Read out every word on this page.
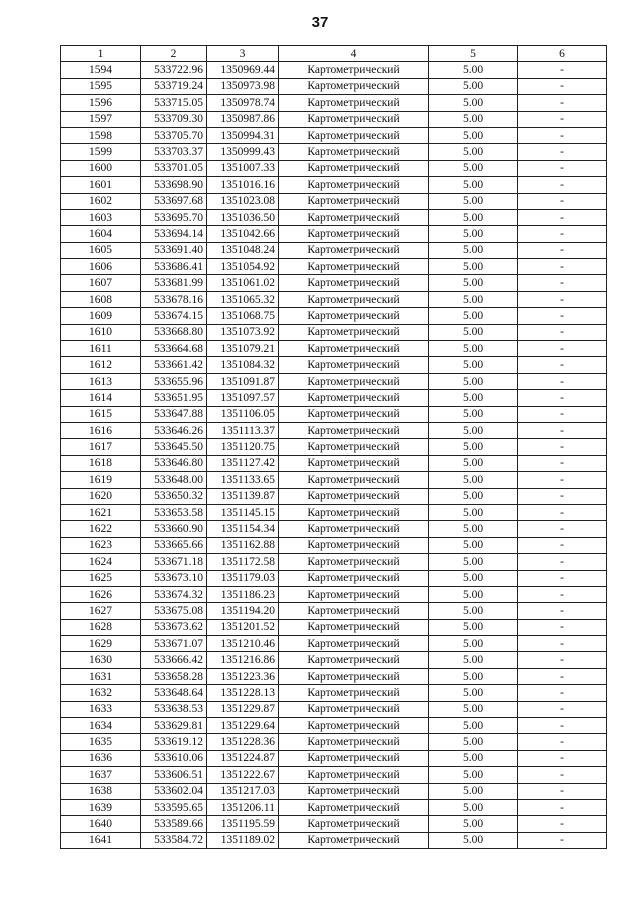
37
1	2	3	4	5	6
1594	533722.96	1350969.44	Картометрический	5.00	-
1595	533719.24	1350973.98	Картометрический	5.00	-
1596	533715.05	1350978.74	Картометрический	5.00	-
1597	533709.30	1350987.86	Картометрический	5.00	-
1598	533705.70	1350994.31	Картометрический	5.00	-
1599	533703.37	1350999.43	Картометрический	5.00	-
1600	533701.05	1351007.33	Картометрический	5.00	-
1601	533698.90	1351016.16	Картометрический	5.00	-
1602	533697.68	1351023.08	Картометрический	5.00	-
1603	533695.70	1351036.50	Картометрический	5.00	-
1604	533694.14	1351042.66	Картометрический	5.00	-
1605	533691.40	1351048.24	Картометрический	5.00	-
1606	533686.41	1351054.92	Картометрический	5.00	-
1607	533681.99	1351061.02	Картометрический	5.00	-
1608	533678.16	1351065.32	Картометрический	5.00	-
1609	533674.15	1351068.75	Картометрический	5.00	-
1610	533668.80	1351073.92	Картометрический	5.00	-
1611	533664.68	1351079.21	Картометрический	5.00	-
1612	533661.42	1351084.32	Картометрический	5.00	-
1613	533655.96	1351091.87	Картометрический	5.00	-
1614	533651.95	1351097.57	Картометрический	5.00	-
1615	533647.88	1351106.05	Картометрический	5.00	-
1616	533646.26	1351113.37	Картометрический	5.00	-
1617	533645.50	1351120.75	Картометрический	5.00	-
1618	533646.80	1351127.42	Картометрический	5.00	-
1619	533648.00	1351133.65	Картометрический	5.00	-
1620	533650.32	1351139.87	Картометрический	5.00	-
1621	533653.58	1351145.15	Картометрический	5.00	-
1622	533660.90	1351154.34	Картометрический	5.00	-
1623	533665.66	1351162.88	Картометрический	5.00	-
1624	533671.18	1351172.58	Картометрический	5.00	-
1625	533673.10	1351179.03	Картометрический	5.00	-
1626	533674.32	1351186.23	Картометрический	5.00	-
1627	533675.08	1351194.20	Картометрический	5.00	-
1628	533673.62	1351201.52	Картометрический	5.00	-
1629	533671.07	1351210.46	Картометрический	5.00	-
1630	533666.42	1351216.86	Картометрический	5.00	-
1631	533658.28	1351223.36	Картометрический	5.00	-
1632	533648.64	1351228.13	Картометрический	5.00	-
1633	533638.53	1351229.87	Картометрический	5.00	-
1634	533629.81	1351229.64	Картометрический	5.00	-
1635	533619.12	1351228.36	Картометрический	5.00	-
1636	533610.06	1351224.87	Картометрический	5.00	-
1637	533606.51	1351222.67	Картометрический	5.00	-
1638	533602.04	1351217.03	Картометрический	5.00	-
1639	533595.65	1351206.11	Картометрический	5.00	-
1640	533589.66	1351195.59	Картометрический	5.00	-
1641	533584.72	1351189.02	Картометрический	5.00	-
